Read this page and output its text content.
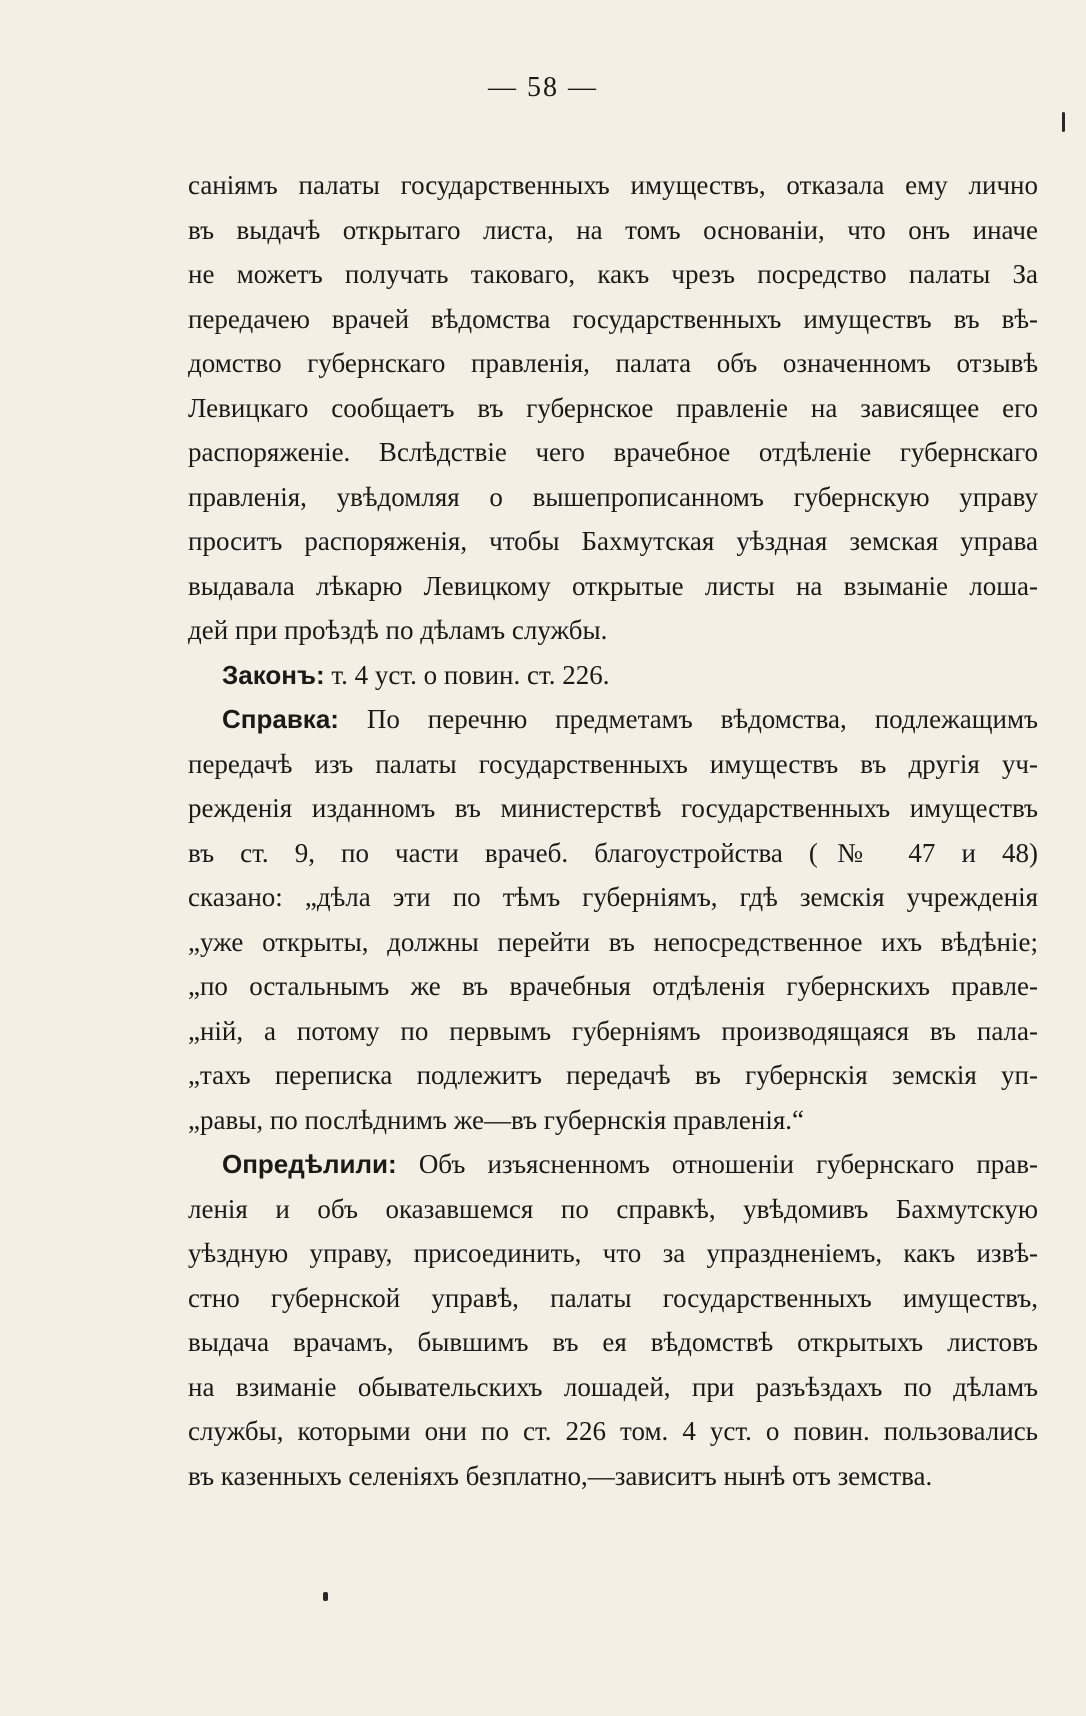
— 58 —
саніямъ палаты государственныхъ имуществъ, отказала ему лично
въ выдачѣ открытаго листа, на томъ основаніи, что онъ иначе
не можетъ получать таковаго, какъ чрезъ посредство палаты За
передачею врачей вѣдомства государственныхъ имуществъ въ вѣ-
домство губернскаго правленія, палата объ означенномъ отзывѣ
Левицкаго сообщаетъ въ губернское правленіе на зависящее его
распоряженіе. Вслѣдствіе чего врачебное отдѣленіе губернскаго
правленія, увѣдомляя о вышепрописанномъ губернскую управу
проситъ распоряженія, чтобы Бахмутская уѣздная земская управа
выдавала лѣкарю Левицкому открытые листы на взыманіе лоша-
дей при проѣздѣ по дѣламъ службы.
Законъ: т. 4 уст. о повин. ст. 226.
Справка: По перечню предметамъ вѣдомства, подлежащимъ
передачѣ изъ палаты государственныхъ имуществъ въ другія уч-
режденія изданномъ въ министерствѣ государственныхъ имуществъ
въ ст. 9, по части врачеб. благоустройства (№ 47 и 48)
сказано: „дѣла эти по тѣмъ губерніямъ, гдѣ земскія учрежденія
„уже открыты, должны перейти въ непосредственное ихъ вѣдѣніе;
„по остальнымъ же въ врачебныя отдѣленія губернскихъ правле-
„ній, а потому по первымъ губерніямъ производящаяся въ пала-
„тахъ переписка подлежитъ передачѣ въ губернскія земскія уп-
„равы, по послѣднимъ же—въ губернскія правленія.“
Опредѣлили: Объ изъясненномъ отношеніи губернскаго прав-
ленія и объ оказавшемся по справкѣ, увѣдомивъ Бахмутскую
уѣздную управу, присоединить, что за упраздненіемъ, какъ извѣ-
стно губернской управѣ, палаты государственныхъ имуществъ,
выдача врачамъ, бывшимъ въ ея вѣдомствѣ открытыхъ листовъ
на взиманіе обывательскихъ лошадей, при разъѣздахъ по дѣламъ
службы, которыми они по ст. 226 том. 4 уст. о повин. пользовались
въ казенныхъ селеніяхъ безплатно,—зависитъ нынѣ отъ земства.
